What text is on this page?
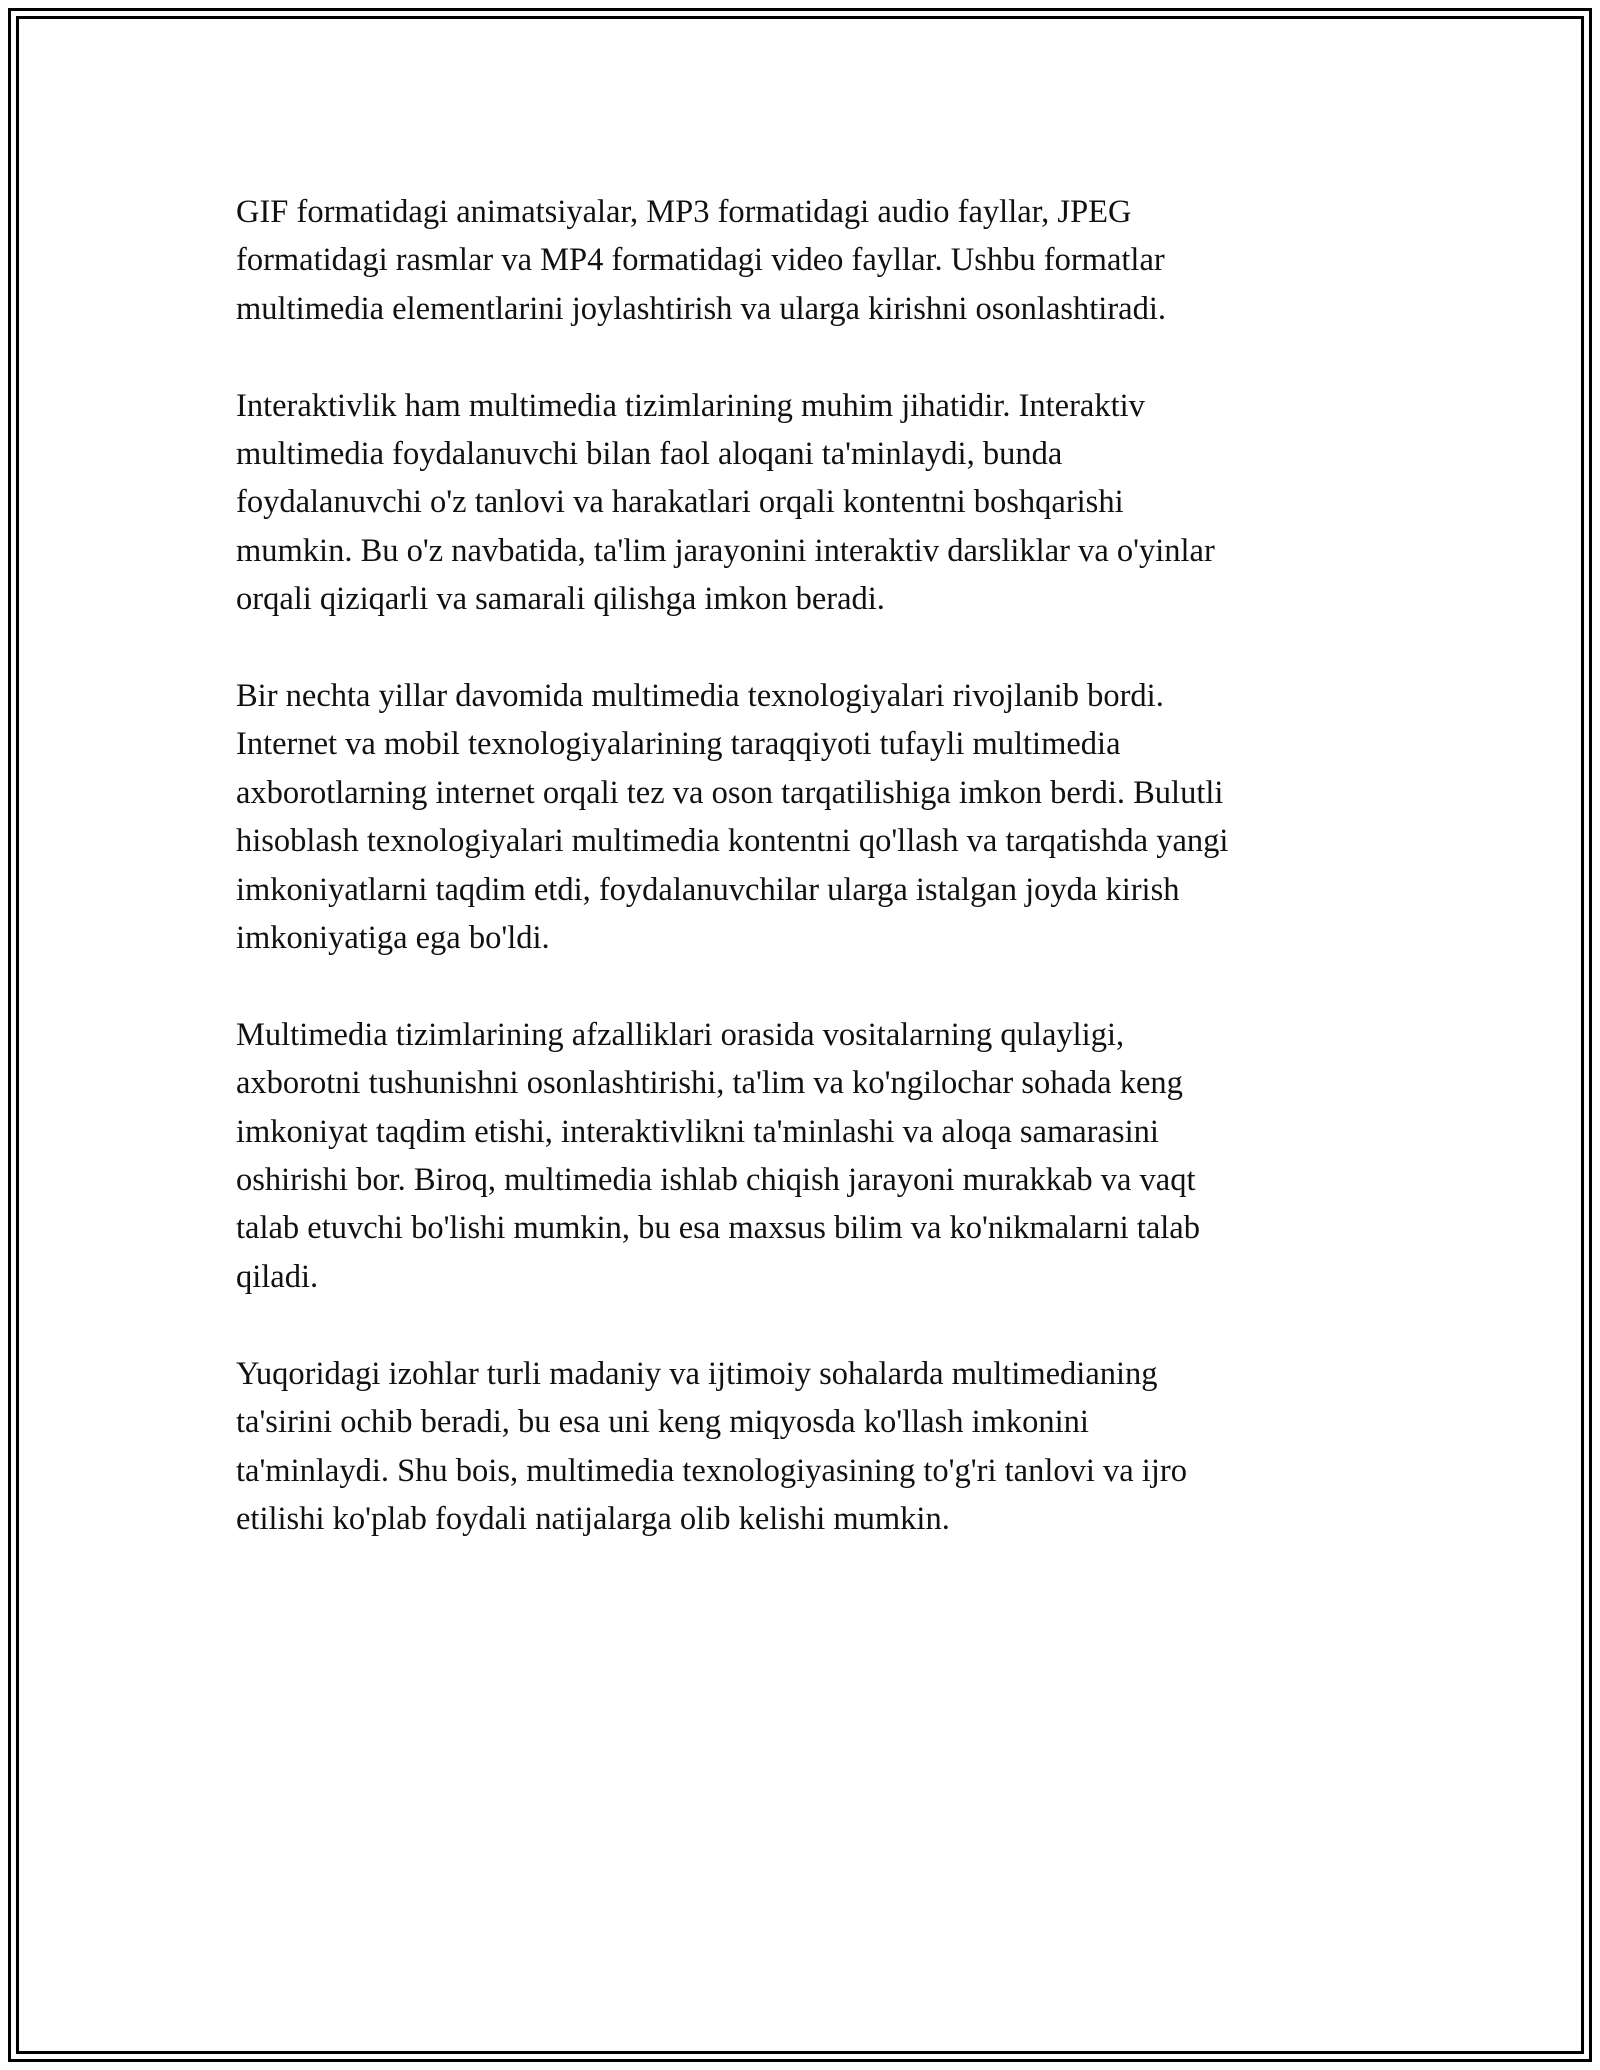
GIF formatidagi animatsiyalar, MP3 formatidagi audio fayllar, JPEG
formatidagi rasmlar va MP4 formatidagi video fayllar. Ushbu formatlar
multimedia elementlarini joylashtirish va ularga kirishni osonlashtiradi.

Interaktivlik ham multimedia tizimlarining muhim jihatidir. Interaktiv
multimedia foydalanuvchi bilan faol aloqani ta'minlaydi, bunda
foydalanuvchi o'z tanlovi va harakatlari orqali kontentni boshqarishi
mumkin. Bu o'z navbatida, ta'lim jarayonini interaktiv darsliklar va o'yinlar
orqali qiziqarli va samarali qilishga imkon beradi.

Bir nechta yillar davomida multimedia texnologiyalari rivojlanib bordi.
Internet va mobil texnologiyalarining taraqqiyoti tufayli multimedia
axborotlarning internet orqali tez va oson tarqatilishiga imkon berdi. Bulutli
hisoblash texnologiyalari multimedia kontentni qo'llash va tarqatishda yangi
imkoniyatlarni taqdim etdi, foydalanuvchilar ularga istalgan joyda kirish
imkoniyatiga ega bo'ldi.

Multimedia tizimlarining afzalliklari orasida vositalarning qulayligi,
axborotni tushunishni osonlashtirishi, ta'lim va ko'ngilochar sohada keng
imkoniyat taqdim etishi, interaktivlikni ta'minlashi va aloqa samarasini
oshirishi bor. Biroq, multimedia ishlab chiqish jarayoni murakkab va vaqt
talab etuvchi bo'lishi mumkin, bu esa maxsus bilim va ko'nikmalarni talab
qiladi.

Yuqoridagi izohlar turli madaniy va ijtimoiy sohalarda multimedianing
ta'sirini ochib beradi, bu esa uni keng miqyosda ko'llash imkonini
ta'minlaydi. Shu bois, multimedia texnologiyasining to'g'ri tanlovi va ijro
etilishi ko'plab foydali natijalarga olib kelishi mumkin.
